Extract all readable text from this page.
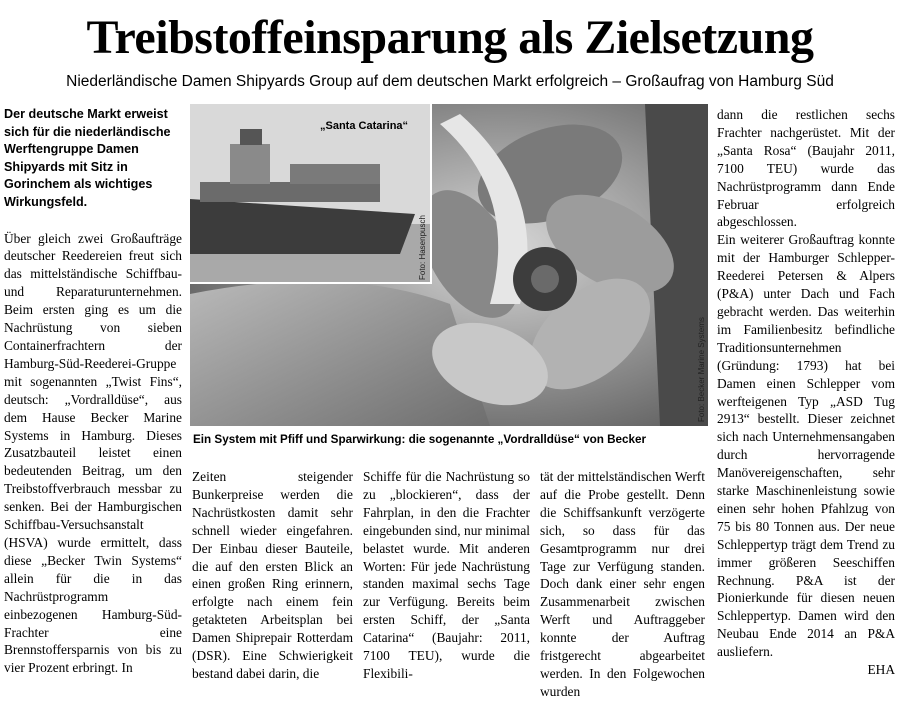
Treibstoffeinsparung als Zielsetzung
Niederländische Damen Shipyards Group auf dem deutschen Markt erfolgreich – Großaufrag von Hamburg Süd

Der deutsche Markt erweist sich für die niederländische Werftengruppe Damen Shipyards mit Sitz in Gorinchem als wichtiges Wirkungsfeld.

Über gleich zwei Großaufträge deutscher Reedereien freut sich das mittelständische Schiffbau- und Reparaturunternehmen. Beim ersten ging es um die Nachrüstung von sieben Containerfrachtern der Hamburg-Süd-Reederei-Gruppe mit sogenannten „Twist Fins“, deutsch: „Vordralldüse“, aus dem Hause Becker Marine Systems in Hamburg. Dieses Zusatzbauteil leistet einen bedeutenden Beitrag, um den Treibstoffverbrauch messbar zu senken. Bei der Hamburgischen Schiffbau-Versuchsanstalt (HSVA) wurde ermittelt, dass diese „Becker Twin Systems“ allein für die in das Nachrüstprogramm einbezogenen Hamburg-Süd-Frachter eine Brennstoffersparnis von bis zu vier Prozent erbringt. In

„Santa Catarina“
Foto: Hasenpusch
Foto: Becker Marine Systems
Ein System mit Pfiff und Sparwirkung: die sogenannte „Vordralldüse“ von Becker

Zeiten steigender Bunkerpreise werden die Nachrüstkosten damit sehr schnell wieder eingefahren. Der Einbau dieser Bauteile, die auf den ersten Blick an einen großen Ring erinnern, erfolgte nach einem fein getakteten Arbeitsplan bei Damen Shiprepair Rotterdam (DSR). Eine Schwierigkeit bestand dabei darin, die

Schiffe für die Nachrüstung so zu „blockieren“, dass der Fahrplan, in den die Frachter eingebunden sind, nur minimal belastet wurde. Mit anderen Worten: Für jede Nachrüstung standen maximal sechs Tage zur Verfügung. Bereits beim ersten Schiff, der „Santa Catarina“ (Baujahr: 2011, 7100 TEU), wurde die Flexibili-

tät der mittelständischen Werft auf die Probe gestellt. Denn die Schiffsankunft verzögerte sich, so dass für das Gesamtprogramm nur drei Tage zur Verfügung standen. Doch dank einer sehr engen Zusammenarbeit zwischen Werft und Auftraggeber konnte der Auftrag fristgerecht abgearbeitet werden. In den Folgewochen wurden

dann die restlichen sechs Frachter nachgerüstet. Mit der „Santa Rosa“ (Baujahr 2011, 7100 TEU) wurde das Nachrüstprogramm dann Ende Februar erfolgreich abgeschlossen.

Ein weiterer Großauftrag konnte mit der Hamburger Schlepper-Reederei Petersen & Alpers (P&A) unter Dach und Fach gebracht werden. Das weiterhin im Familienbesitz befindliche Traditionsunternehmen (Gründung: 1793) hat bei Damen einen Schlepper vom werfteigenen Typ „ASD Tug 2913“ bestellt. Dieser zeichnet sich nach Unternehmensangaben durch hervorragende Manövereigenschaften, sehr starke Maschinenleistung sowie einen sehr hohen Pfahlzug von 75 bis 80 Tonnen aus. Der neue Schleppertyp trägt dem Trend zu immer größeren Seeschiffen Rechnung. P&A ist der Pionierkunde für diesen neuen Schleppertyp. Damen wird den Neubau Ende 2014 an P&A ausliefern.

EHA
